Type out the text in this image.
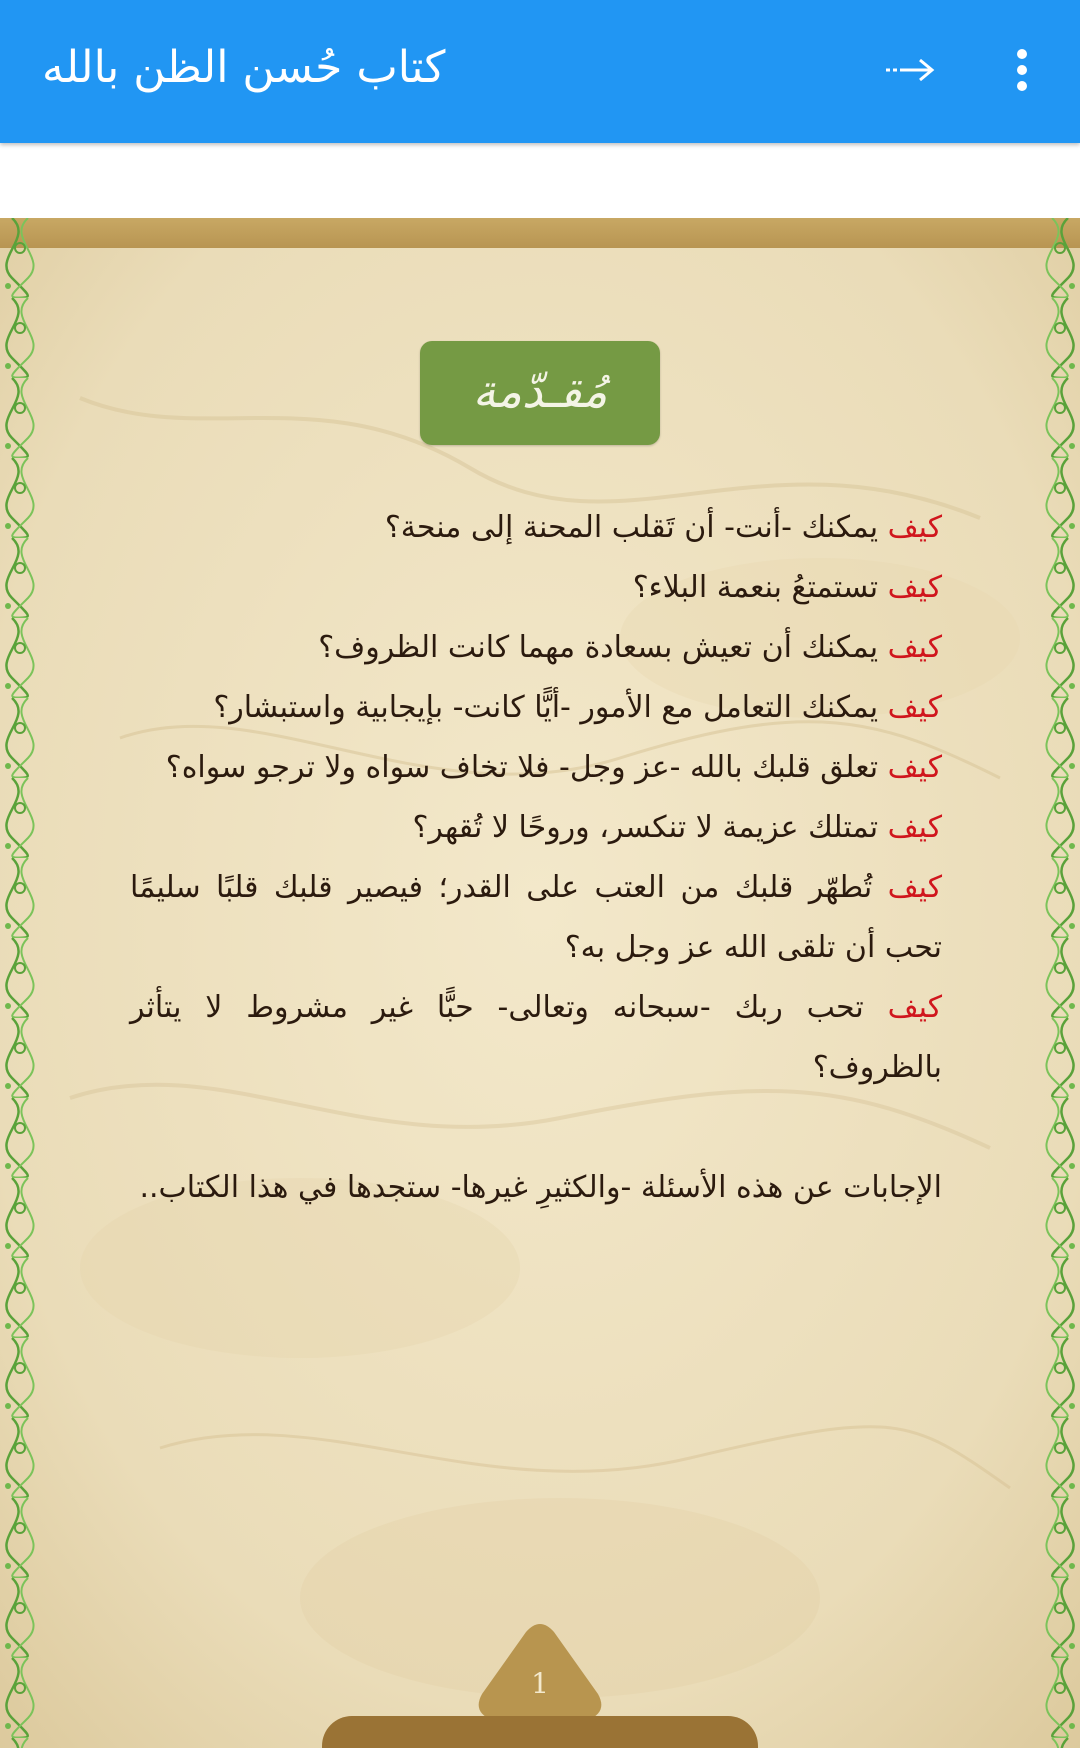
كتاب حُسن الظن بالله
مُقـدّمة
كيف يمكنك -أنت- أن تَقلب المحنة إلى منحة؟
كيف تستمتعُ بنعمة البلاء؟
كيف يمكنك أن تعيش بسعادة مهما كانت الظروف؟
كيف يمكنك التعامل مع الأمور -أيًّا كانت- بإيجابية واستبشار؟
كيف تعلق قلبك بالله -عز وجل- فلا تخاف سواه ولا ترجو سواه؟
كيف تمتلك عزيمة لا تنكسر، وروحًا لا تُقهر؟
كيف تُطهّر قلبك من العتب على القدر؛ فيصير قلبك قلبًا سليمًا تحب أن تلقى الله عز وجل به؟
كيف تحب ربك -سبحانه وتعالى- حبًّا غير مشروط لا يتأثر بالظروف؟
الإجابات عن هذه الأسئلة -والكثيرِ غيرها- ستجدها في هذا الكتاب..
1
